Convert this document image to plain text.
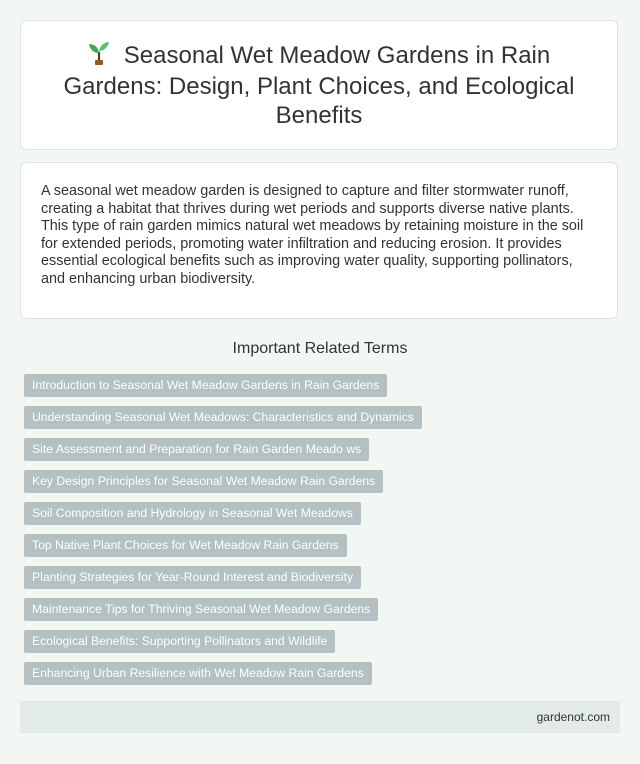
Seasonal Wet Meadow Gardens in Rain Gardens: Design, Plant Choices, and Ecological Benefits

A seasonal wet meadow garden is designed to capture and filter stormwater runoff, creating a habitat that thrives during wet periods and supports diverse native plants. This type of rain garden mimics natural wet meadows by retaining moisture in the soil for extended periods, promoting water infiltration and reducing erosion. It provides essential ecological benefits such as improving water quality, supporting pollinators, and enhancing urban biodiversity.

Important Related Terms
Introduction to Seasonal Wet Meadow Gardens in Rain Gardens
Understanding Seasonal Wet Meadows: Characteristics and Dynamics
Site Assessment and Preparation for Rain Garden Meado ws
Key Design Principles for Seasonal Wet Meadow Rain Gardens
Soil Composition and Hydrology in Seasonal Wet Meadows
Top Native Plant Choices for Wet Meadow Rain Gardens
Planting Strategies for Year-Round Interest and Biodiversity
Maintenance Tips for Thriving Seasonal Wet Meadow Gardens
Ecological Benefits: Supporting Pollinators and Wildlife
Enhancing Urban Resilience with Wet Meadow Rain Gardens
gardenot.com
